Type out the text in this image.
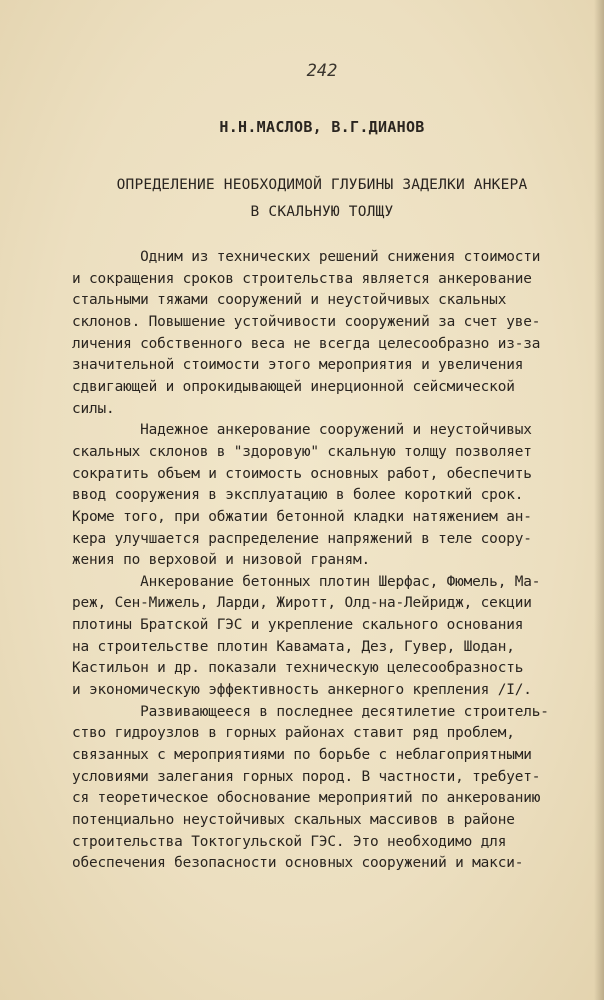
242
Н.Н.МАСЛОВ, В.Г.ДИАНОВ
ОПРЕДЕЛЕНИЕ НЕОБХОДИМОЙ ГЛУБИНЫ ЗАДЕЛКИ АНКЕРА
В СКАЛЬНУЮ ТОЛЩУ
Одним из технических решений снижения стоимости
и сокращения сроков строительства является анкерование
стальными тяжами сооружений и неустойчивых скальных
склонов. Повышение устойчивости сооружений за счет уве-
личения собственного веса не всегда целесообразно из-за
значительной стоимости этого мероприятия и увеличения
сдвигающей и опрокидывающей инерционной сейсмической
силы.
Надежное анкерование сооружений и неустойчивых
скальных склонов в "здоровую" скальную толщу позволяет
сократить объем и стоимость основных работ, обеспечить
ввод сооружения в эксплуатацию в более короткий срок.
Кроме того, при обжатии бетонной кладки натяжением ан-
кера улучшается распределение напряжений в теле соору-
жения по верховой и низовой граням.
Анкерование бетонных плотин Шерфас, Фюмель, Ма-
реж, Сен-Мижель, Ларди, Жиротт, Олд-на-Лейридж, секции
плотины Братской ГЭС и укрепление скального основания
на строительстве плотин Кавамата, Дез, Гувер, Шодан,
Кастильон и др. показали техническую целесообразность
и экономическую эффективность анкерного крепления /I/.
Развивающееся в последнее десятилетие строитель-
ство гидроузлов в горных районах ставит ряд проблем,
связанных с мероприятиями по борьбе с неблагоприятными
условиями залегания горных пород. В частности, требует-
ся теоретическое обоснование мероприятий по анкерованию
потенциально неустойчивых скальных массивов в районе
строительства Токтогульской ГЭС. Это необходимо для
обеспечения безопасности основных сооружений и макси-
